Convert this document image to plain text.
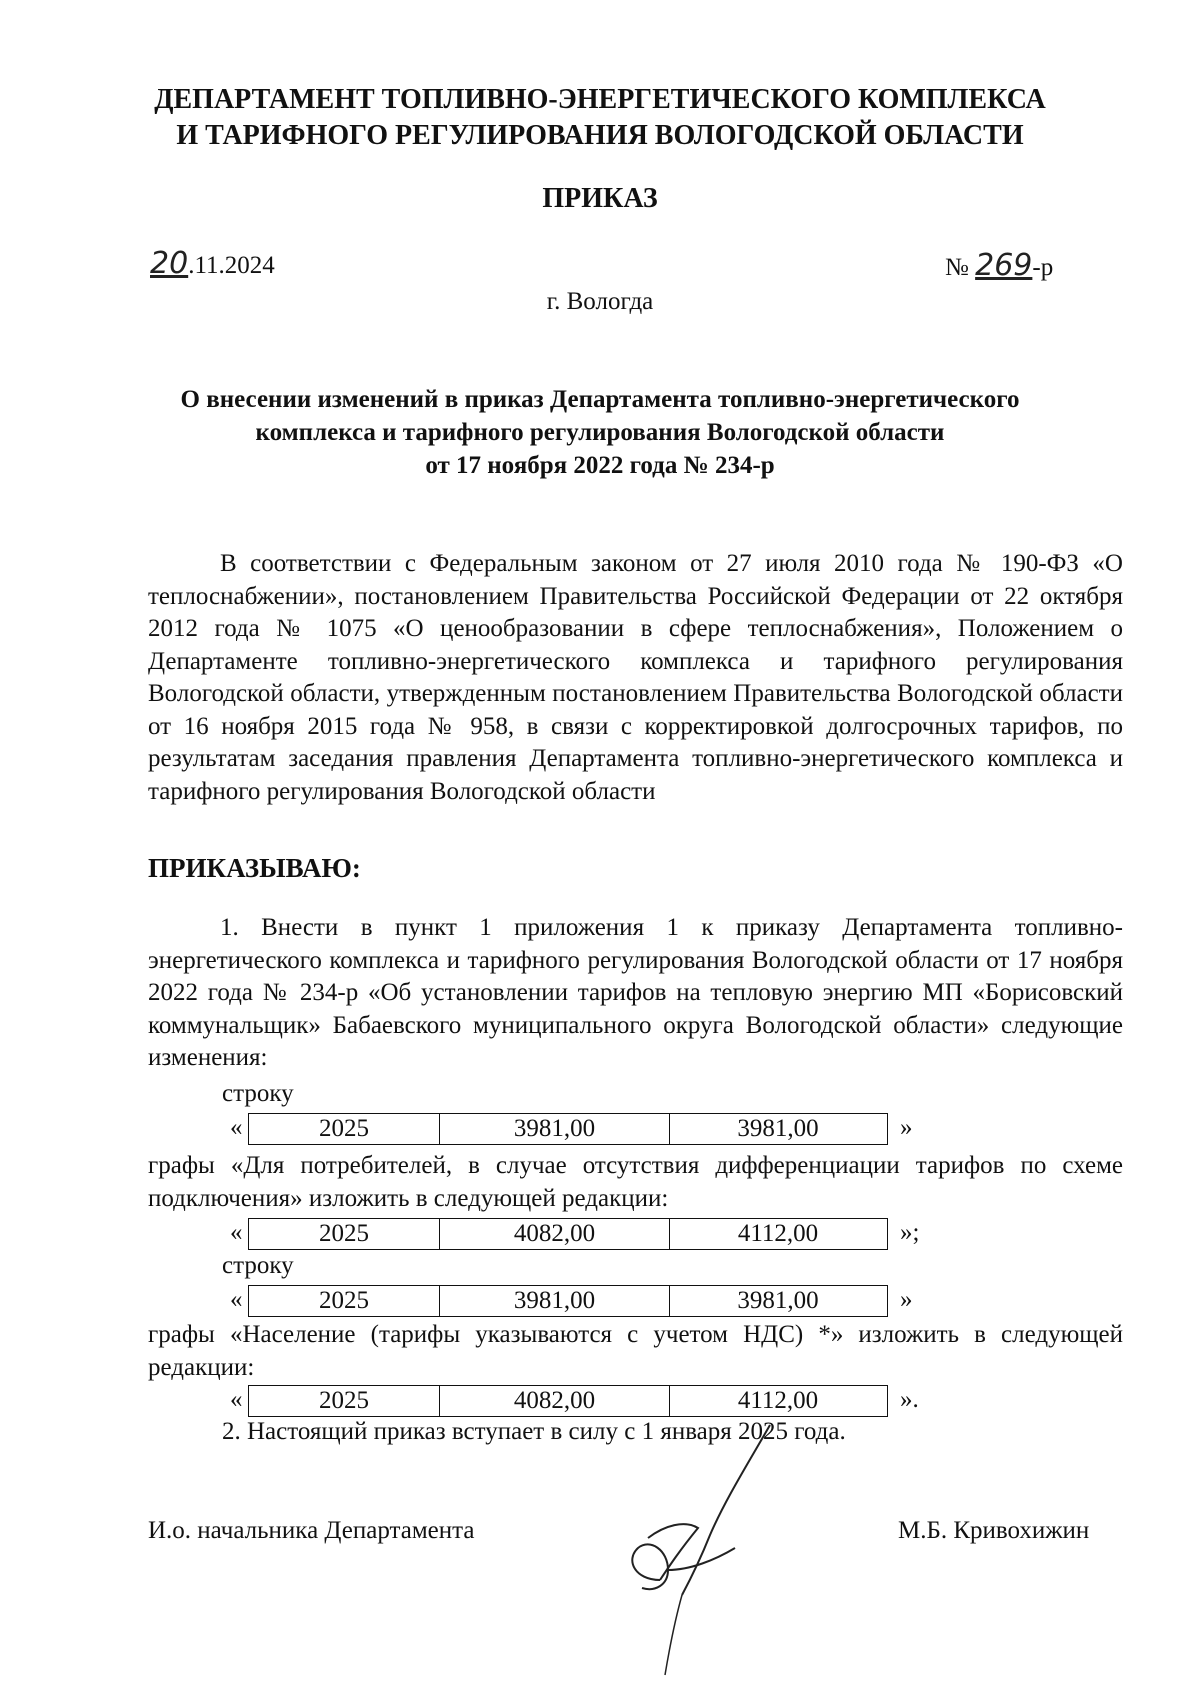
ДЕПАРТАМЕНТ ТОПЛИВНО-ЭНЕРГЕТИЧЕСКОГО КОМПЛЕКСА
И ТАРИФНОГО РЕГУЛИРОВАНИЯ ВОЛОГОДСКОЙ ОБЛАСТИ
ПРИКАЗ
20.11.2024	№ 269-р
г. Вологда
О внесении изменений в приказ Департамента топливно-энергетического
комплекса и тарифного регулирования Вологодской области
от 17 ноября 2022 года № 234-р
В соответствии с Федеральным законом от 27 июля 2010 года № 190-ФЗ «О теплоснабжении», постановлением Правительства Российской Федерации от 22 октября 2012 года № 1075 «О ценообразовании в сфере теплоснабжения», Положением о Департаменте топливно-энергетического комплекса и тарифного регулирования Вологодской области, утвержденным постановлением Правительства Вологодской области от 16 ноября 2015 года № 958, в связи с корректировкой долгосрочных тарифов, по результатам заседания правления Департамента топливно-энергетического комплекса и тарифного регулирования Вологодской области
ПРИКАЗЫВАЮ:
1. Внести в пункт 1 приложения 1 к приказу Департамента топливно-энергетического комплекса и тарифного регулирования Вологодской области от 17 ноября 2022 года № 234-р «Об установлении тарифов на тепловую энергию МП «Борисовский коммунальщик» Бабаевского муниципального округа Вологодской области» следующие изменения:
строку
«	2025	3981,00	3981,00	»
графы «Для потребителей, в случае отсутствия дифференциации тарифов по схеме подключения» изложить в следующей редакции:
«	2025	4082,00	4112,00	»;
строку
«	2025	3981,00	3981,00	»
графы «Население (тарифы указываются с учетом НДС) *» изложить в следующей редакции:
«	2025	4082,00	4112,00	».
2. Настоящий приказ вступает в силу с 1 января 2025 года.
И.о. начальника Департамента	М.Б. Кривохижин
